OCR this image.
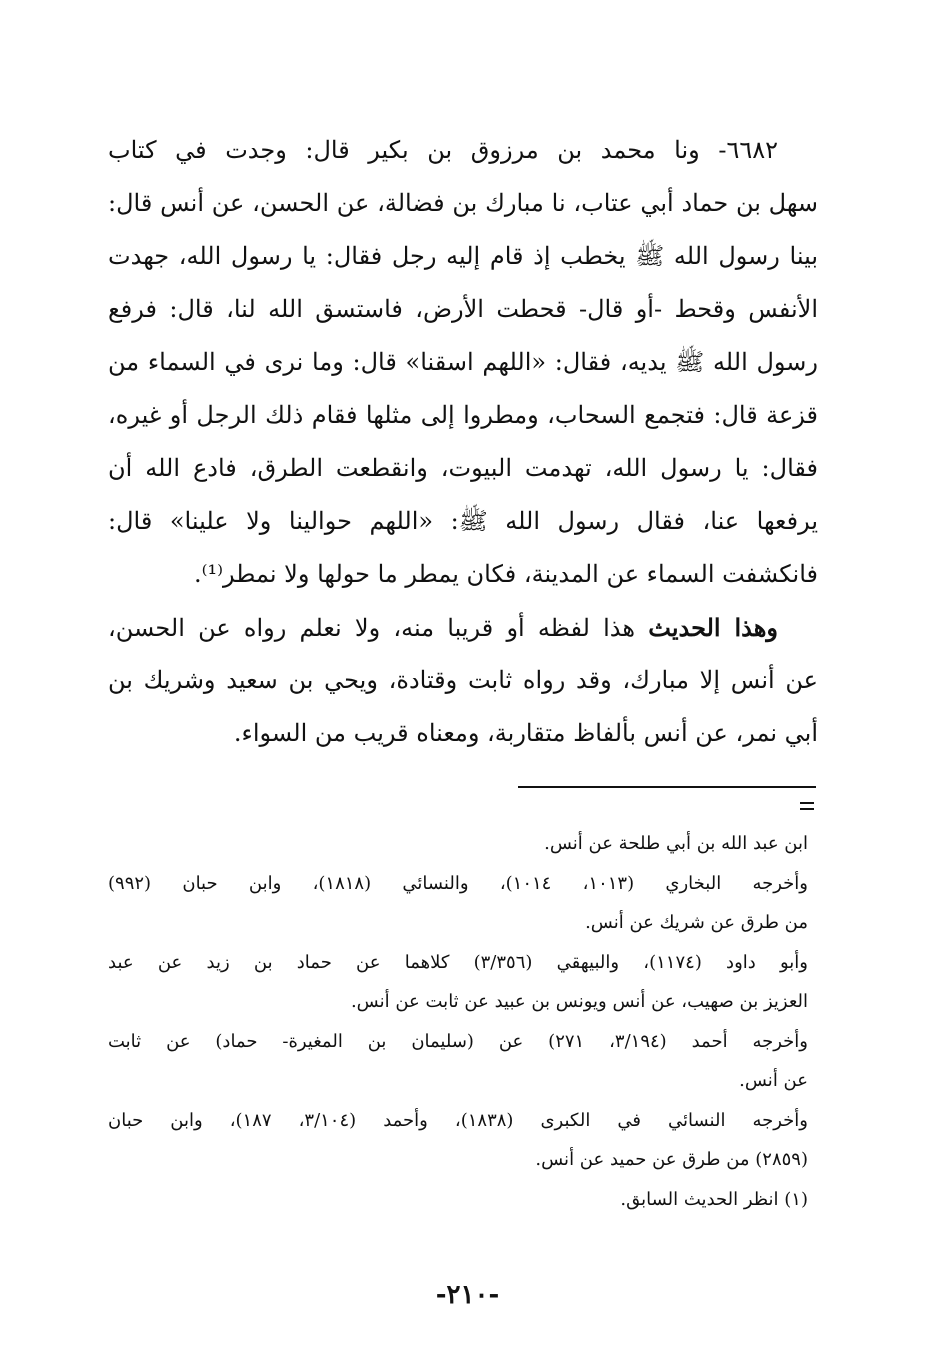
٦٦٨٢- ونا محمد بن مرزوق بن بكير قال: وجدت في كتاب
سهل بن حماد أبي عتاب، نا مبارك بن فضالة، عن الحسن، عن أنس قال:
بينا رسول الله ﷺ يخطب إذ قام إليه رجل فقال: يا رسول الله، جهدت
الأنفس وقحط -أو قال- قحطت الأرض، فاستسق الله لنا، قال: فرفع
رسول الله ﷺ يديه، فقال: «اللهم اسقنا» قال: وما نرى في السماء من
قزعة قال: فتجمع السحاب، ومطروا إلى مثلها فقام ذلك الرجل أو غيره،
فقال: يا رسول الله، تهدمت البيوت، وانقطعت الطرق، فادع الله أن
يرفعها عنا، فقال رسول الله ﷺ: «اللهم حوالينا ولا علينا» قال:
فانكشفت السماء عن المدينة، فكان يمطر ما حولها ولا نمطر⁽¹⁾.
وهذا الحديث هذا لفظه أو قريبا منه، ولا نعلم رواه عن الحسن،
عن أنس إلا مبارك، وقد رواه ثابت وقتادة، ويحي بن سعيد وشريك بن
أبي نمر، عن أنس بألفاظ متقاربة، ومعناه قريب من السواء.
ابن عبد الله بن أبي طلحة عن أنس.
وأخرجه البخاري (١٠١٣، ١٠١٤)، والنسائي (١٨١٨)، وابن حبان (٩٩٢)
من طرق عن شريك عن أنس.
وأبو داود (١١٧٤)، والبيهقي (٣/٣٥٦) كلاهما عن حماد بن زيد عن عبد
العزيز بن صهيب، عن أنس ويونس بن عبيد عن ثابت عن أنس.
وأخرجه أحمد (٣/١٩٤، ٢٧١) عن (سليمان بن المغيرة- حماد) عن ثابت
عن أنس.
وأخرجه النسائي في الكبرى (١٨٣٨)، وأحمد (٣/١٠٤، ١٨٧)، وابن حبان
(٢٨٥٩) من طرق عن حميد عن أنس.
(١) انظر الحديث السابق.
-٢١٠-
